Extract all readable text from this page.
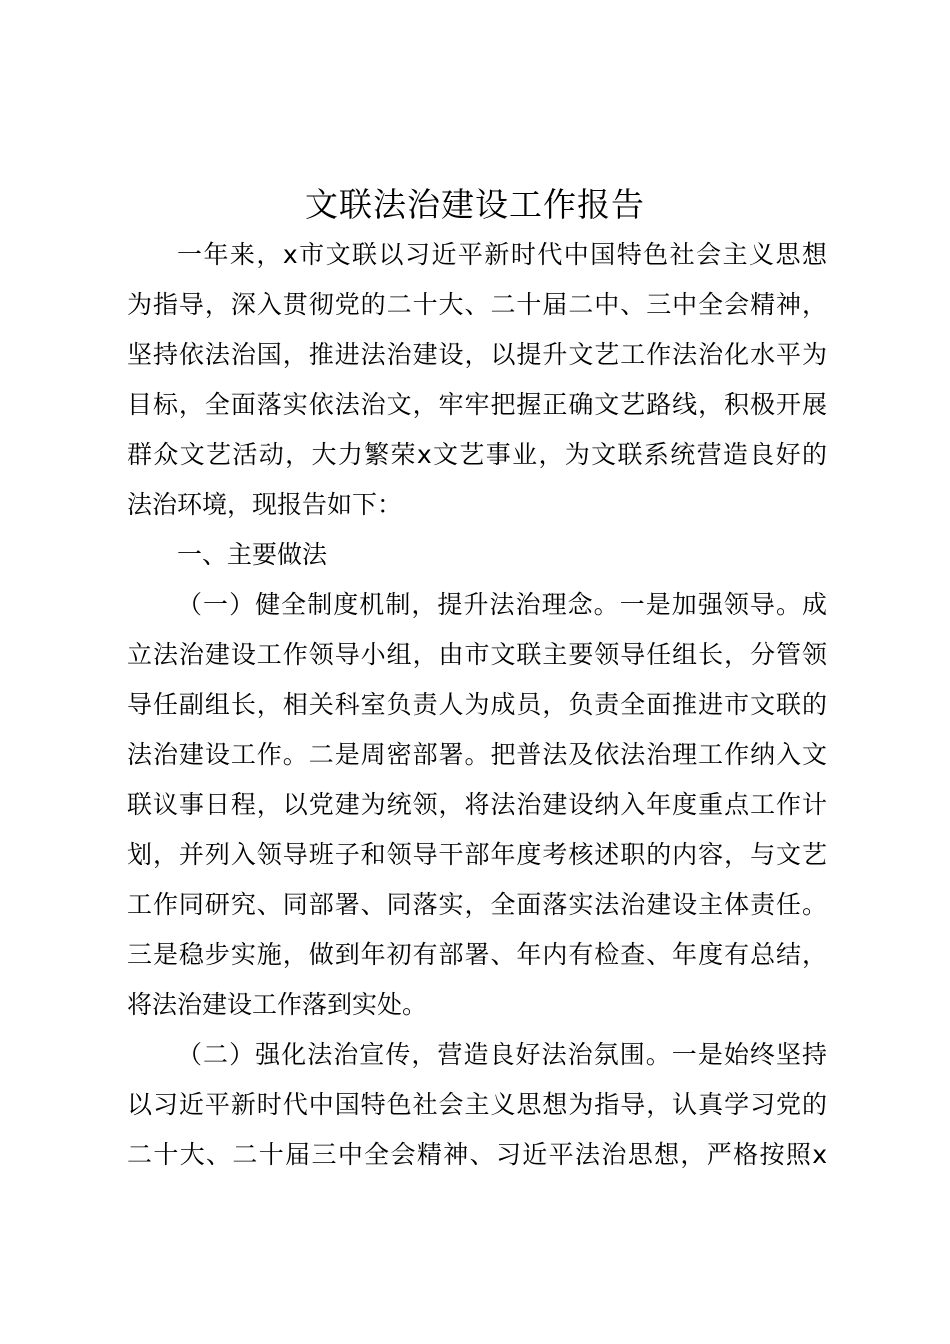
文联法治建设工作报告
一年来，x市文联以习近平新时代中国特色社会主义思想
为指导，深入贯彻党的二十大、二十届二中、三中全会精神，
坚持依法治国，推进法治建设，以提升文艺工作法治化水平为
目标，全面落实依法治文，牢牢把握正确文艺路线，积极开展
群众文艺活动，大力繁荣x文艺事业，为文联系统营造良好的
法治环境，现报告如下：
一、主要做法
（一）健全制度机制，提升法治理念。一是加强领导。成
立法治建设工作领导小组，由市文联主要领导任组长，分管领
导任副组长，相关科室负责人为成员，负责全面推进市文联的
法治建设工作。二是周密部署。把普法及依法治理工作纳入文
联议事日程，以党建为统领，将法治建设纳入年度重点工作计
划，并列入领导班子和领导干部年度考核述职的内容，与文艺
工作同研究、同部署、同落实，全面落实法治建设主体责任。
三是稳步实施，做到年初有部署、年内有检查、年度有总结，
将法治建设工作落到实处。
（二）强化法治宣传，营造良好法治氛围。一是始终坚持
以习近平新时代中国特色社会主义思想为指导，认真学习党的
二十大、二十届三中全会精神、习近平法治思想，严格按照x
